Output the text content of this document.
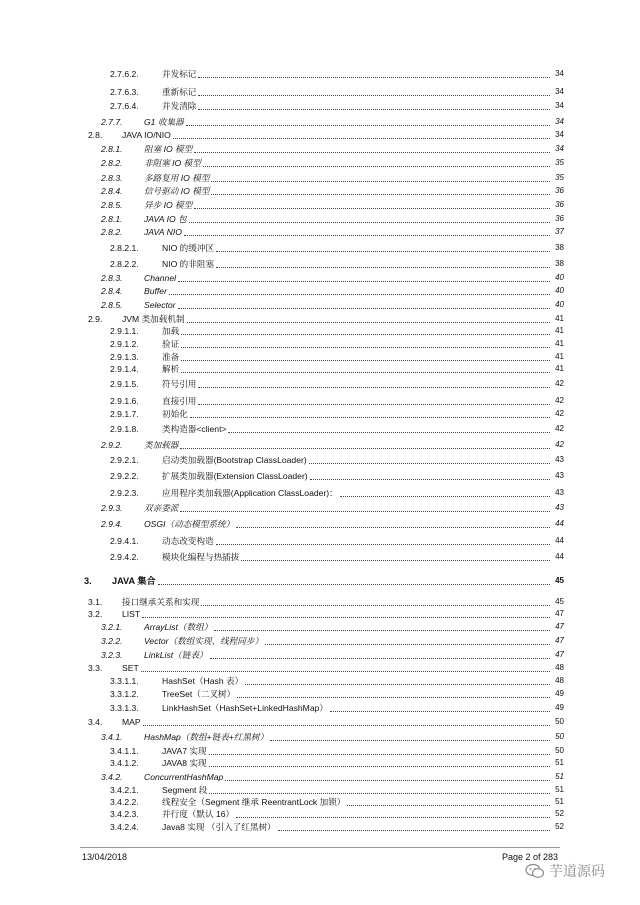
2.7.6.2.	并发标记	34
2.7.6.3.	重新标记	34
2.7.6.4.	并发清除	34
2.7.7. G1 收集器	34
2.8. JAVA IO/NIO	34
2.8.1. 阻塞 IO 模型	34
2.8.2. 非阻塞 IO 模型	35
2.8.3. 多路复用 IO 模型	35
2.8.4. 信号驱动 IO 模型	36
2.8.5. 异步 IO 模型	36
2.8.1. JAVA IO 包	36
2.8.2. JAVA NIO	37
2.8.2.1.	NIO 的缓冲区	38
2.8.2.2.	NIO 的非阻塞	38
2.8.3. Channel	40
2.8.4. Buffer	40
2.8.5. Selector	40
2.9. JVM 类加载机制	41
2.9.1.1.	加载	41
2.9.1.2.	验证	41
2.9.1.3.	准备	41
2.9.1.4.	解析	41
2.9.1.5.	符号引用	42
2.9.1.6.	直接引用	42
2.9.1.7.	初始化	42
2.9.1.8.	类构造器<client>	42
2.9.2. 类加载器	42
2.9.2.1.	启动类加载器(Bootstrap ClassLoader)	43
2.9.2.2.	扩展类加载器(Extension ClassLoader)	43
2.9.2.3.	应用程序类加载器(Application ClassLoader)：	43
2.9.3. 双亲委派	43
2.9.4. OSGI（动态模型系统）	44
2.9.4.1.	动态改变构造	44
2.9.4.2.	模块化编程与热插拔	44
3. JAVA 集合	45
3.1. 接口继承关系和实现	45
3.2. LIST	47
3.2.1. ArrayList（数组）	47
3.2.2. Vector（数组实现、线程同步）	47
3.2.3. LinkList（链表）	47
3.3. SET	48
3.3.1.1.	HashSet（Hash 表）	48
3.3.1.2.	TreeSet（二叉树）	49
3.3.1.3.	LinkHashSet（HashSet+LinkedHashMap）	49
3.4. MAP	50
3.4.1. HashMap（数组+链表+红黑树）	50
3.4.1.1.	JAVA7 实现	50
3.4.1.2.	JAVA8 实现	51
3.4.2. ConcurrentHashMap	51
3.4.2.1.	Segment 段	51
3.4.2.2.	线程安全（Segment 继承 ReentrantLock 加锁）	51
3.4.2.3.	并行度（默认 16）	52
3.4.2.4.	Java8 实现 （引入了红黑树）	52
13/04/2018	Page 2 of 283
芋道源码
